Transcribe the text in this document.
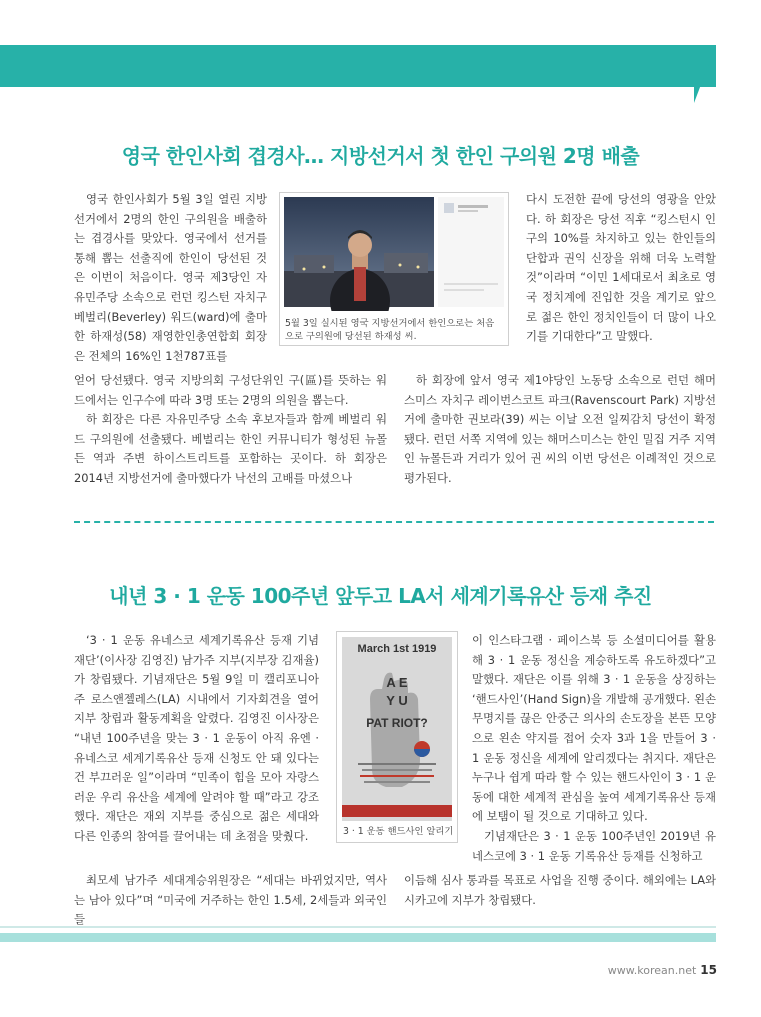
영국 한인사회 겹경사… 지방선거서 첫 한인 구의원 2명 배출

영국 한인사회가 5월 3일 열린 지방선거에서 2명의 한인 구의원을 배출하는 겹경사를 맞았다. 영국에서 선거를 통해 뽑는 선출직에 한인이 당선된 것은 이번이 처음이다. 영국 제3당인 자유민주당 소속으로 런던 킹스턴 자치구 베벌리(Beverley) 워드(ward)에 출마한 하재성(58) 재영한인총연합회 회장은 전체의 16%인 1천787표를

5월 3일 실시된 영국 지방선거에서 한인으로는 처음으로 구의원에 당선된 하재성 씨.

다시 도전한 끝에 당선의 영광을 안았다. 하 회장은 당선 직후 “킹스턴시 인구의 10%를 차지하고 있는 한인들의 단합과 권익 신장을 위해 더욱 노력할 것”이라며 “이민 1세대로서 최초로 영국 정치계에 진입한 것을 계기로 앞으로 젊은 한인 정치인들이 더 많이 나오기를 기대한다”고 말했다.

얻어 당선됐다. 영국 지방의회 구성단위인 구(區)를 뜻하는 워드에서는 인구수에 따라 3명 또는 2명의 의원을 뽑는다.

하 회장은 다른 자유민주당 소속 후보자들과 함께 베벌리 워드 구의원에 선출됐다. 베벌리는 한인 커뮤니티가 형성된 뉴몰든 역과 주변 하이스트리트를 포함하는 곳이다. 하 회장은 2014년 지방선거에 출마했다가 낙선의 고배를 마셨으나

하 회장에 앞서 영국 제1야당인 노동당 소속으로 런던 해머스미스 자치구 레이번스코트 파크(Ravenscourt Park) 지방선거에 출마한 권보라(39) 씨는 이날 오전 일찌감치 당선이 확정됐다. 런던 서쪽 지역에 있는 해머스미스는 한인 밀집 거주 지역인 뉴몰든과 거리가 있어 권 씨의 이번 당선은 이례적인 것으로 평가된다.

내년 3 · 1 운동 100주년 앞두고 LA서 세계기록유산 등재 추진

‘3 · 1 운동 유네스코 세계기록유산 등재 기념재단’(이사장 김영진) 남가주 지부(지부장 김재율)가 창립됐다. 기념재단은 5월 9일 미 캘리포니아 주 로스앤젤레스(LA) 시내에서 기자회견을 열어 지부 창립과 활동계획을 알렸다. 김영진 이사장은 “내년 100주년을 맞는 3 · 1 운동이 아직 유엔 · 유네스코 세계기록유산 등재 신청도 안 돼 있다는 건 부끄러운 일”이라며 “민족이 힘을 모아 자랑스러운 우리 유산을 세계에 알려야 할 때”라고 강조했다. 재단은 재외 지부를 중심으로 젊은 세대와 다른 인종의 참여를 끌어내는 데 초점을 맞췄다.

March 1st 1919
A E
Y U
PAT RIOT?
3 · 1 운동 핸드사인 알리기

이 인스타그램 · 페이스북 등 소셜미디어를 활용해 3 · 1 운동 정신을 계승하도록 유도하겠다”고 말했다. 재단은 이를 위해 3 · 1 운동을 상징하는 ‘핸드사인’(Hand Sign)을 개발해 공개했다. 왼손 무명지를 끊은 안중근 의사의 손도장을 본뜬 모양으로 왼손 약지를 접어 숫자 3과 1을 만들어 3 · 1 운동 정신을 세계에 알리겠다는 취지다. 재단은 누구나 쉽게 따라 할 수 있는 핸드사인이 3 · 1 운동에 대한 세계적 관심을 높여 세계기록유산 등재에 보탬이 될 것으로 기대하고 있다.

기념재단은 3 · 1 운동 100주년인 2019년 유네스코에 3 · 1 운동 기록유산 등재를 신청하고

최모세 남가주 세대계승위원장은 “세대는 바뀌었지만, 역사는 남아 있다”며 “미국에 거주하는 한인 1.5세, 2세들과 외국인들

이듬해 심사 통과를 목표로 사업을 진행 중이다. 해외에는 LA와 시카고에 지부가 창립됐다.

www.korean.net 15
